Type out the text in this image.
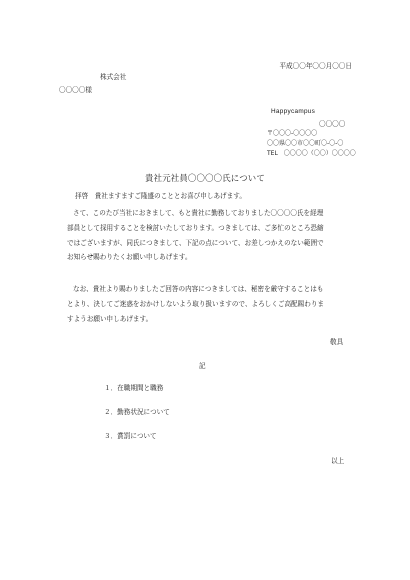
平成〇〇年〇〇月〇〇日
株式会社
〇〇〇〇様
Happycampus
〇〇〇〇
〒〇〇〇-〇〇〇〇
〇〇県〇〇市〇〇町〇-〇-〇
TEL　〇〇〇〇（〇〇）〇〇〇〇
貴社元社員〇〇〇〇氏について
拝啓　貴社ますますご隆盛のこととお喜び申しあげます。
さて、このたび当社におきまして、もと貴社に勤務しておりました〇〇〇〇氏を経理
部員として採用することを検討いたしております。つきましては、ご多忙のところ恐縮
ではございますが、同氏につきまして、下記の点について、お差しつかえのない範囲で
お知らせ賜わりたくお願い申しあげます。
なお、貴社より賜わりましたご回答の内容につきましては、秘密を厳守することはも
とより、決してご迷惑をおかけしないよう取り扱いますので、よろしくご高配賜わりま
すようお願い申しあげます。
敬具
記
１．在職期間と職務
２．勤務状況について
３．賞罰について
以上
